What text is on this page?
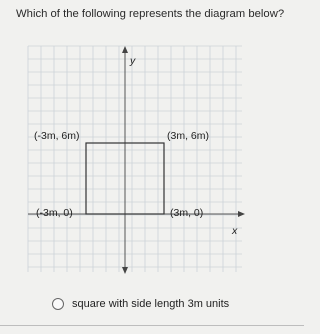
Which of the following represents the diagram below?
y
x
(-3m, 6m)	(3m, 6m)
(-3m, 0)	(3m, 0)
square with side length 3m units
